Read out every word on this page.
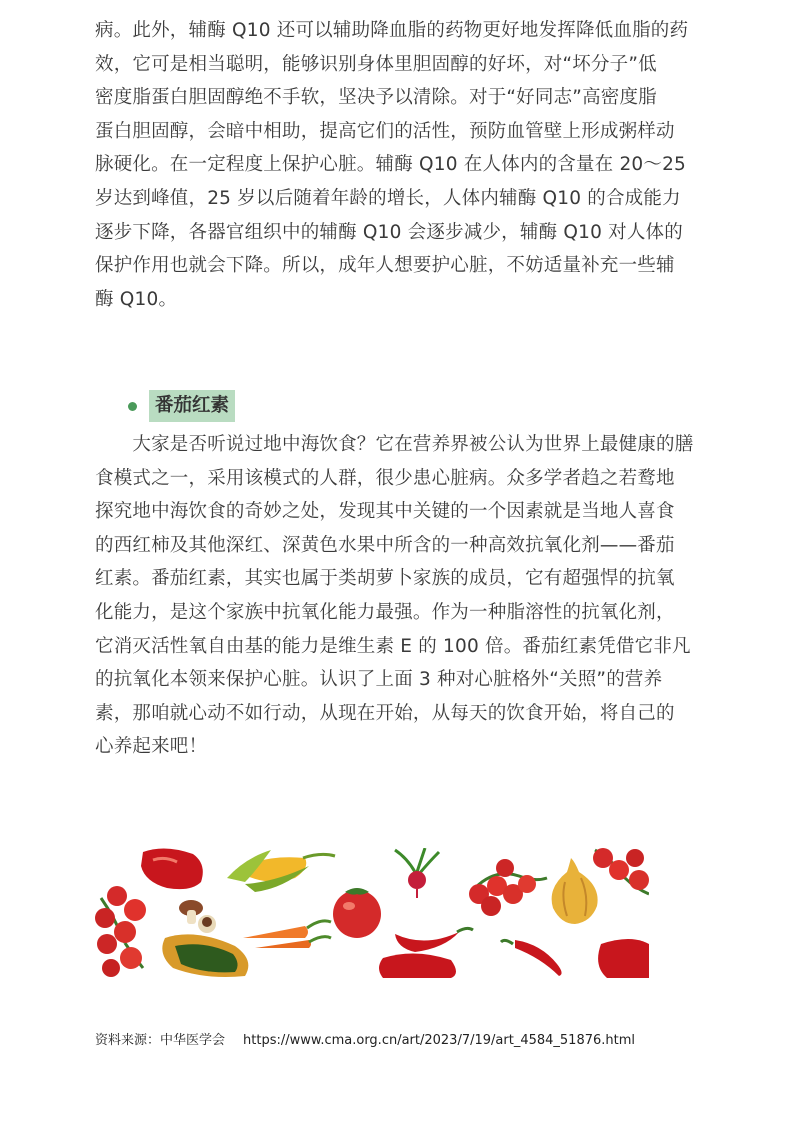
病。此外，辅酶 Q10 还可以辅助降血脂的药物更好地发挥降低血脂的药
效，它可是相当聪明，能够识别身体里胆固醇的好坏，对“坏分子”低
密度脂蛋白胆固醇绝不手软，坚决予以清除。对于“好同志”高密度脂
蛋白胆固醇，会暗中相助，提高它们的活性，预防血管壁上形成粥样动
脉硬化。在一定程度上保护心脏。辅酶 Q10 在人体内的含量在 20～25
岁达到峰值，25 岁以后随着年龄的增长，人体内辅酶 Q10 的合成能力
逐步下降，各器官组织中的辅酶 Q10 会逐步减少，辅酶 Q10 对人体的
保护作用也就会下降。所以，成年人想要护心脏，不妨适量补充一些辅
酶 Q10。
番茄红素
　　大家是否听说过地中海饮食？它在营养界被公认为世界上最健康的膳
食模式之一，采用该模式的人群，很少患心脏病。众多学者趋之若鹜地
探究地中海饮食的奇妙之处，发现其中关键的一个因素就是当地人喜食
的西红柿及其他深红、深黄色水果中所含的一种高效抗氧化剂——番茄
红素。番茄红素，其实也属于类胡萝卜家族的成员，它有超强悍的抗氧
化能力，是这个家族中抗氧化能力最强。作为一种脂溶性的抗氧化剂，
它消灭活性氧自由基的能力是维生素 E 的 100 倍。番茄红素凭借它非凡
的抗氧化本领来保护心脏。认识了上面 3 种对心脏格外“关照”的营养
素，那咱就心动不如行动，从现在开始，从每天的饮食开始，将自己的
心养起来吧！
资料来源：中华医学会 https://www.cma.org.cn/art/2023/7/19/art_4584_51876.html
